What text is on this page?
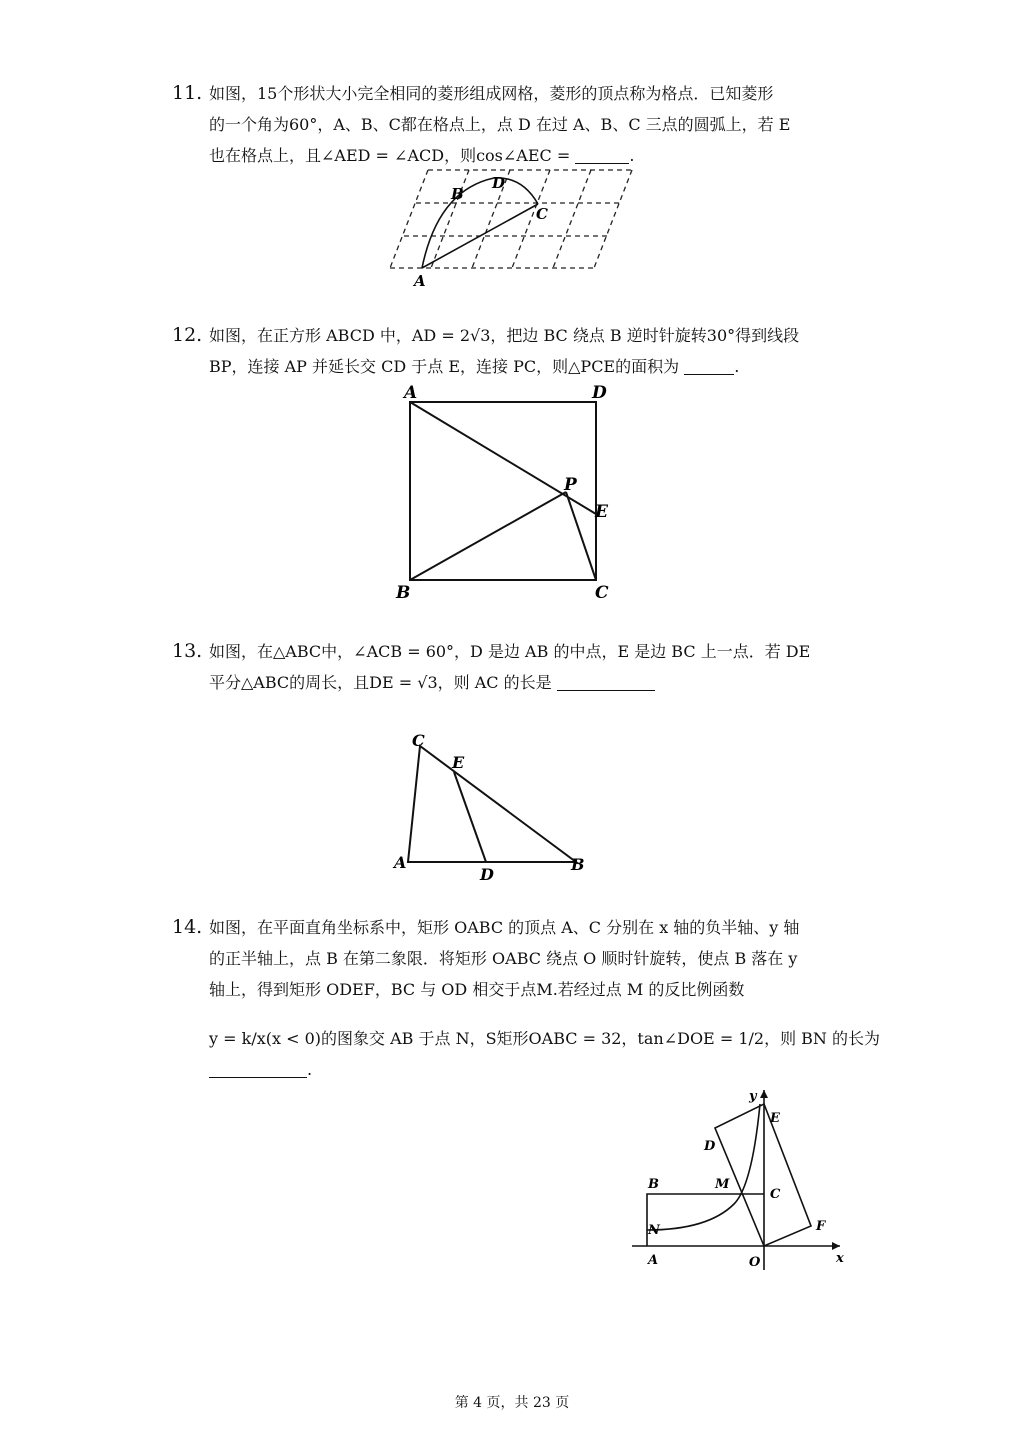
11. 如图，15个形状大小完全相同的菱形组成网格，菱形的顶点称为格点．已知菱形
的一个角为60°，A、B、C都在格点上，点 D 在过 A、B、C 三点的圆弧上，若 E
也在格点上，且∠AED = ∠ACD，则cos∠AEC =	.
A
B
D
C
12. 如图，在正方形 ABCD 中，AD = 2√3，把边 BC 绕点 B 逆时针旋转30°得到线段
BP，连接 AP 并延长交 CD 于点 E，连接 PC，则△PCE的面积为	.
A	D
P
E
B	C
13. 如图，在△ABC中，∠ACB = 60°，D 是边 AB 的中点，E 是边 BC 上一点．若 DE
平分△ABC的周长，且DE = √3，则 AC 的长是
C
E
A
D
B
14. 如图，在平面直角坐标系中，矩形 OABC 的顶点 A、C 分别在 x 轴的负半轴、y 轴
的正半轴上，点 B 在第二象限．将矩形 OABC 绕点 O 顺时针旋转，使点 B 落在 y
轴上，得到矩形 ODEF，BC 与 OD 相交于点M.若经过点 M 的反比例函数
y = k/x(x < 0)的图象交 AB 于点 N，S矩形OABC = 32，tan∠DOE = 1/2，则 BN 的长为
.
y
x
E
D
B	M
C
N	F
A	O
第 4 页，共 23 页
